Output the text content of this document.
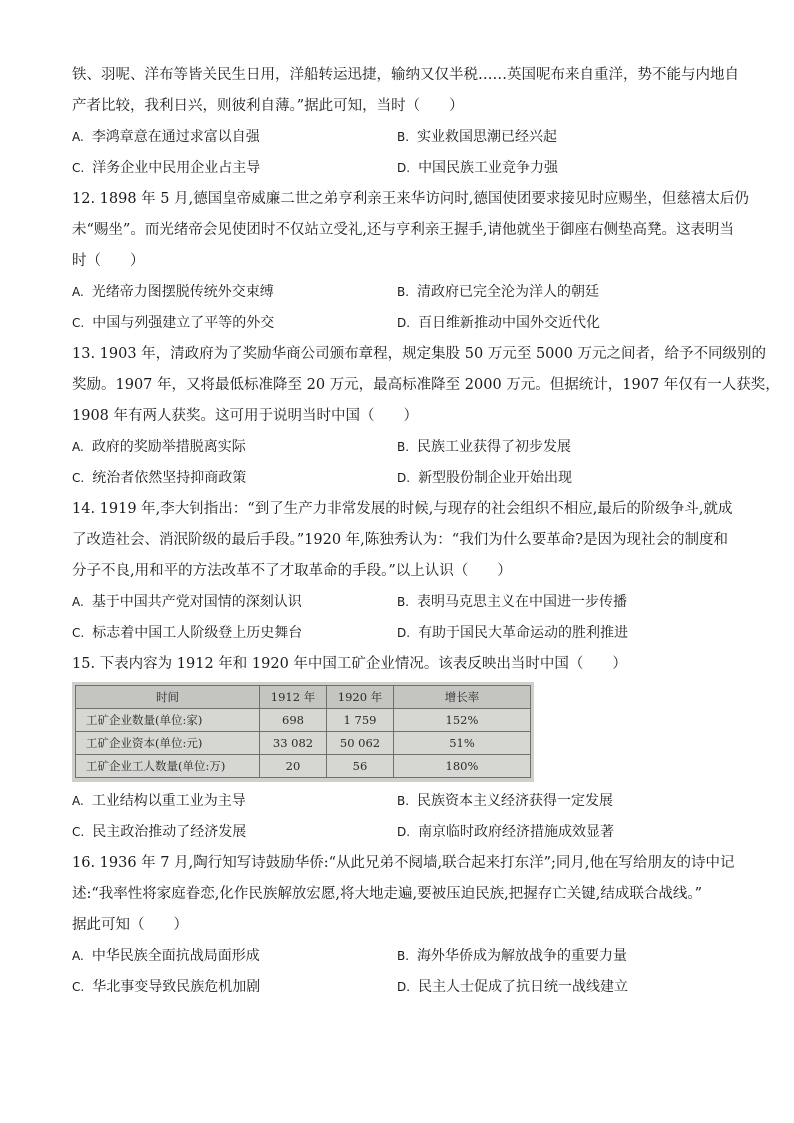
铁、羽呢、洋布等皆关民生日用，洋船转运迅捷，输纳又仅半税……英国呢布来自重洋，势不能与内地自
产者比较，我利日兴，则彼利自薄。”据此可知，当时（　　）
A. 李鸿章意在通过求富以自强	B. 实业救国思潮已经兴起
C. 洋务企业中民用企业占主导	D. 中国民族工业竞争力强
12. 1898 年 5 月,德国皇帝威廉二世之弟亨利亲王来华访问时,德国使团要求接见时应赐坐，但慈禧太后仍
未“赐坐”。而光绪帝会见使团时不仅站立受礼,还与亨利亲王握手,请他就坐于御座右侧垫高凳。这表明当
时（　　）
A. 光绪帝力图摆脱传统外交束缚	B. 清政府已完全沦为洋人的朝廷
C. 中国与列强建立了平等的外交	D. 百日维新推动中国外交近代化
13. 1903 年，清政府为了奖励华商公司颁布章程，规定集股 50 万元至 5000 万元之间者，给予不同级别的
奖励。1907 年，又将最低标准降至 20 万元，最高标准降至 2000 万元。但据统计，1907 年仅有一人获奖，
1908 年有两人获奖。这可用于说明当时中国（　　）
A. 政府的奖励举措脱离实际	B. 民族工业获得了初步发展
C. 统治者依然坚持抑商政策	D. 新型股份制企业开始出现
14. 1919 年,李大钊指出：“到了生产力非常发展的时候,与现存的社会组织不相应,最后的阶级争斗,就成
了改造社会、消泯阶级的最后手段。”1920 年,陈独秀认为：“我们为什么要革命?是因为现社会的制度和
分子不良,用和平的方法改革不了才取革命的手段。”以上认识（　　）
A. 基于中国共产党对国情的深刻认识	B. 表明马克思主义在中国进一步传播
C. 标志着中国工人阶级登上历史舞台	D. 有助于国民大革命运动的胜利推进
15. 下表内容为 1912 年和 1920 年中国工矿企业情况。该表反映出当时中国（　　）
时间	1912 年	1920 年	增长率
工矿企业数量(单位:家)	698	1 759	152%
工矿企业资本(单位:元)	33 082	50 062	51%
工矿企业工人数量(单位:万)	20	56	180%
A. 工业结构以重工业为主导	B. 民族资本主义经济获得一定发展
C. 民主政治推动了经济发展	D. 南京临时政府经济措施成效显著
16. 1936 年 7 月,陶行知写诗鼓励华侨:“从此兄弟不阋墙,联合起来打东洋”;同月,他在写给朋友的诗中记
述:“我率性将家庭眷恋,化作民族解放宏愿,将大地走遍,要被压迫民族,把握存亡关键,结成联合战线。”
据此可知（　　）
A. 中华民族全面抗战局面形成	B. 海外华侨成为解放战争的重要力量
C. 华北事变导致民族危机加剧	D. 民主人士促成了抗日统一战线建立
